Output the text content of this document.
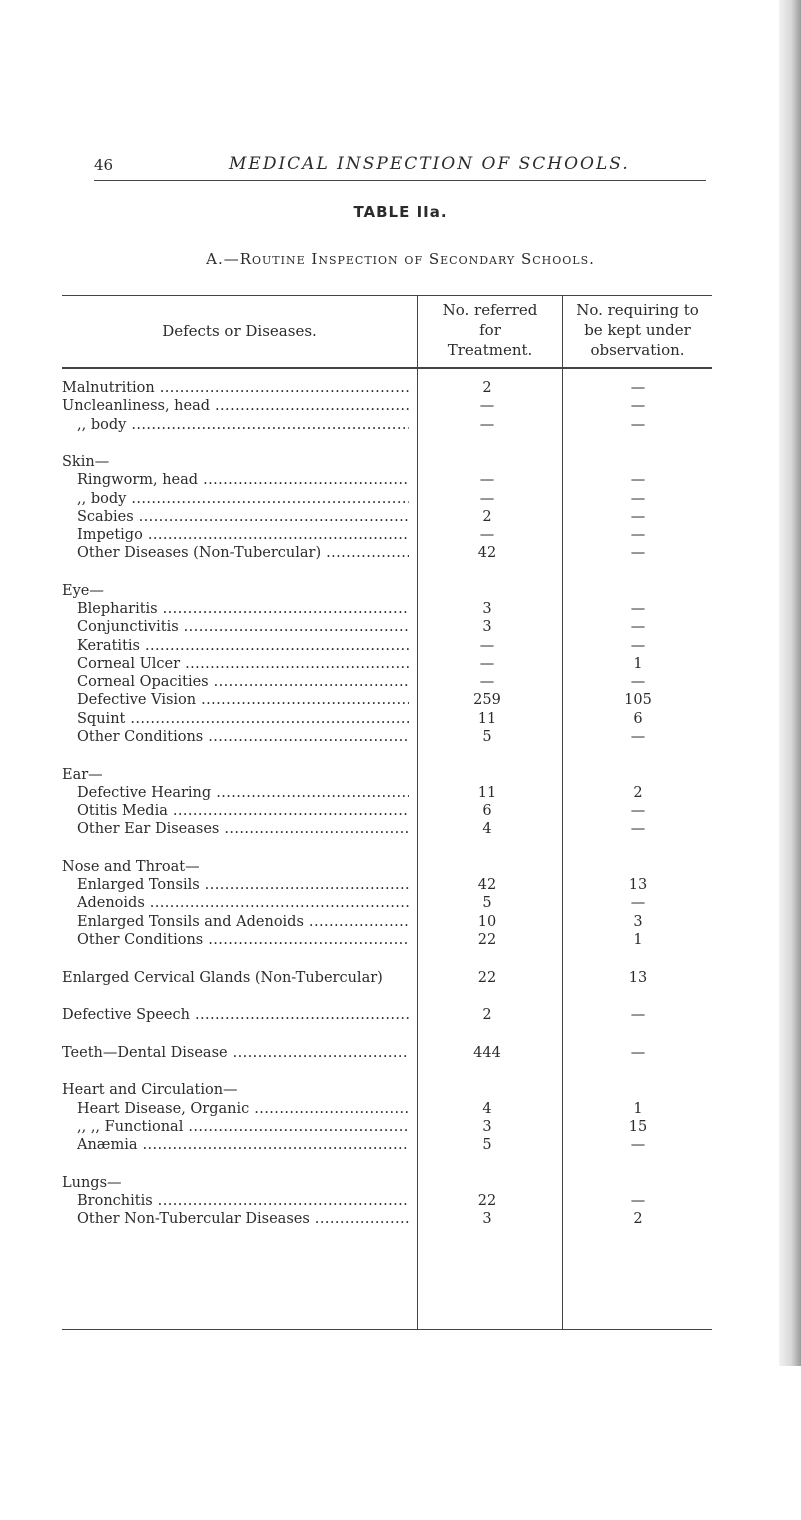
46	MEDICAL INSPECTION OF SCHOOLS.
TABLE IIa.
A.—Routine Inspection of Secondary Schools.
Defects or Diseases.
No. referred
for
Treatment.
No. requiring to
be kept under
observation.
Malnutrition .....	2	—
Uncleanliness, head .....	—	—
,, body .....	—	—
Skin—
Ringworm, head .....	—	—
,, body .....	—	—
Scabies .....	2	—
Impetigo .....	—	—
Other Diseases (Non-Tubercular) .....	42	—
Eye—
Blepharitis .....	3	—
Conjunctivitis .....	3	—
Keratitis .....	—	—
Corneal Ulcer .....	—	1
Corneal Opacities .....	—	—
Defective Vision .....	259	105
Squint .....	11	6
Other Conditions .....	5	—
Ear—
Defective Hearing .....	11	2
Otitis Media .....	6	—
Other Ear Diseases .....	4	—
Nose and Throat—
Enlarged Tonsils .....	42	13
Adenoids .....	5	—
Enlarged Tonsils and Adenoids .....	10	3
Other Conditions .....	22	1
Enlarged Cervical Glands (Non-Tubercular)	22	13
Defective Speech .....	2	—
Teeth—Dental Disease .....	444	—
Heart and Circulation—
Heart Disease, Organic .....	4	1
,, ,, Functional .....	3	15
Anæmia .....	5	—
Lungs—
Bronchitis .....	22	—
Other Non-Tubercular Diseases .....	3	2
